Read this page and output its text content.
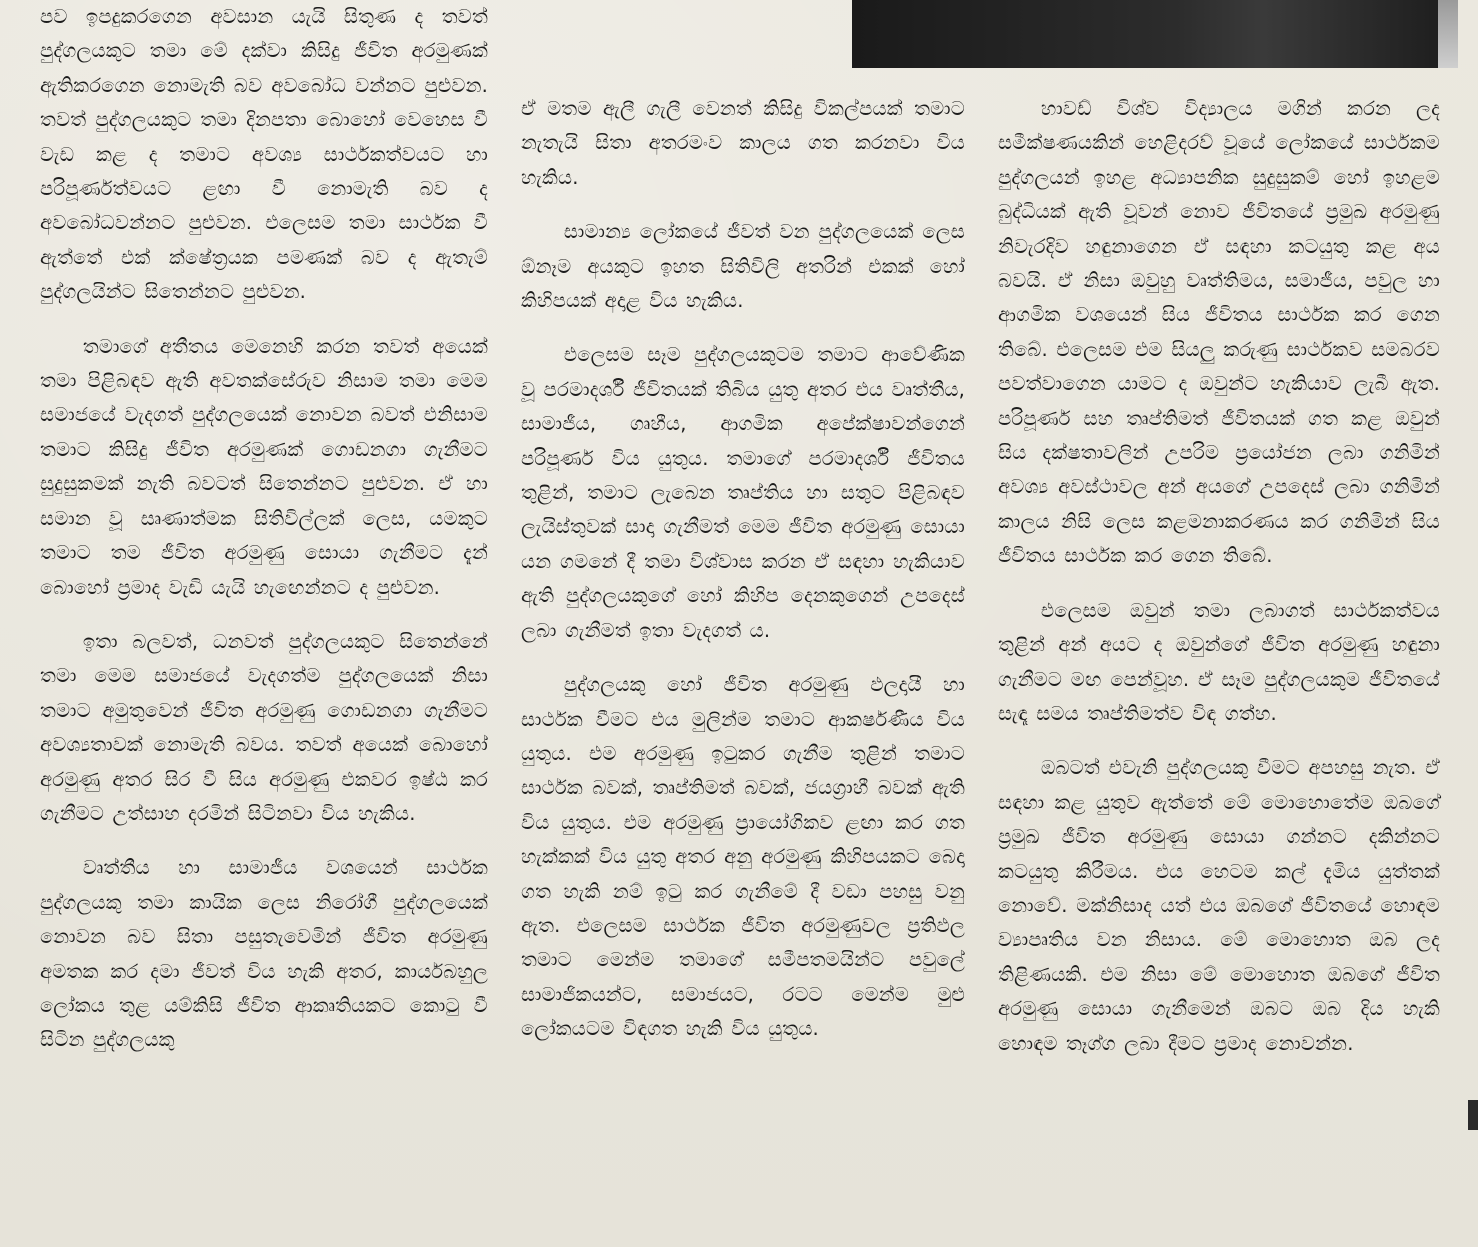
පව ඉපදුකරගෙන අවසාන යැයි සිතුණ ද තවත් පුද්ගලයකුට තමා මේ දක්වා කිසිදු ජීවිත අරමුණක් ඇතිකරගෙන නොමැති බව අවබෝධ වන්නට පුළුවන. තවත් පුද්ගලයකුට තමා දිනපතා බොහෝ වෙහෙස වී වැඩ කළ ද තමාට අවශ්‍ය සාර්ථකත්වයට හා පරිපූර්ණත්වයට ළඟා වී නොමැති බව ද අවබෝධවන්නට පුළුවන. එලෙසම තමා සාර්ථක වී ඇත්තේ එක් ක්ෂේත්‍රයක පමණක් බව ද ඇතැම් පුද්ගලයින්ට සිතෙන්නට පුළුවන.

තමාගේ අතීතය මෙනෙහි කරන තවත් අයෙක් තමා පිළිබඳව ඇති අවතක්සේරුව නිසාම තමා මෙම සමාජයේ වැදගත් පුද්ගලයෙක් නොවන බවත් එනිසාම තමාට කිසිදු ජීවිත අරමුණක් ගොඩනගා ගැනීමට සුදුසුකමක් නැති බවටත් සිතෙන්නට පුළුවන. ඒ හා සමාන වූ සෘණාත්මක සිතිවිල්ලක් ලෙස, යමකුට තමාට තම ජීවිත අරමුණු සොයා ගැනීමට දැන් බොහෝ ප්‍රමාද වැඩි යැයි හැඟෙන්නට ද පුළුවන.

ඉතා බලවත්, ධනවත් පුද්ගලයකුට සිතෙන්නේ තමා මෙම සමාජයේ වැදගත්ම පුද්ගලයෙක් නිසා තමාට අමුතුවෙන් ජීවිත අරමුණු ගොඩනගා ගැනීමට අවශ්‍යතාවක් නොමැති බවය. තවත් අයෙක් බොහෝ අරමුණු අතර සිර වී සිය අරමුණු එකවර ඉෂ්ඨ කර ගැනීමට උත්සාහ දරමින් සිටිනවා විය හැකිය.

වෘත්තීය හා සාමාජීය වශයෙන් සාර්ථක පුද්ගලයකු තමා කායික ලෙස නිරෝගී පුද්ගලයෙක් නොවන බව සිතා පසුතැවෙමින් ජීවිත අරමුණු අමතක කර දමා ජීවත් විය හැකි අතර, කාර්යබහුල ලෝකය තුළ යම්කිසි ජීවිත ආකෘතියකට කොටු වී සිටින පුද්ගලයකු

ඒ මතම ඇලී ගැලී වෙනත් කිසිදු විකල්පයක් තමාට නැතැයි සිතා අතරමංව කාලය ගත කරනවා විය හැකිය.

සාමාන්‍ය ලෝකයේ ජීවත් වන පුද්ගලයෙක් ලෙස ඕනෑම අයකුට ඉහත සිතිවිලි අතරින් එකක් හෝ කිහිපයක් අදාළ විය හැකිය.

එලෙසම සෑම පුද්ගලයකුටම තමාට ආවේණික වූ පරමාදර්ශී ජීවිතයක් තිබිය යුතු අතර එය වෘත්තීය, සාමාජීය, ගෘහීය, ආගමික අපේක්ෂාවන්ගෙන් පරිපූර්ණ විය යුතුය. තමාගේ පරමාදර්ශී ජීවිතය තුළින්, තමාට ලැබෙන තෘප්තිය හා සතුට පිළිබඳව ලැයිස්තුවක් සාදා ගැනීමත් මෙම ජීවිත අරමුණු සොයා යන ගමනේ දී තමා විශ්වාස කරන ඒ සඳහා හැකියාව ඇති පුද්ගලයකුගේ හෝ කිහිප දෙනකුගෙන් උපදෙස් ලබා ගැනීමත් ඉතා වැදගත් ය.

පුද්ගලයකු හෝ ජීවිත අරමුණු ඵලදායී හා සාර්ථක වීමට එය මුලින්ම තමාට ආකර්ෂණීය විය යුතුය. එම අරමුණු ඉටුකර ගැනීම තුළින් තමාට සාර්ථක බවක්, තෘප්තිමත් බවක්, ජයග්‍රාහී බවක් ඇති විය යුතුය. එම අරමුණු ප්‍රායෝගිකව ළඟා කර ගත හැක්කක් විය යුතු අතර අනු අරමුණු කිහිපයකට බෙදා ගත හැකි නම් ඉටු කර ගැනීමේ දී වඩා පහසු වනු ඇත. එලෙසම සාර්ථක ජීවිත අරමුණුවල ප්‍රතිඵල තමාට මෙන්ම තමාගේ සමීපතමයින්ට පවුලේ සාමාජිකයන්ට, සමාජයට, රටට මෙන්ම මුළු ලෝකයටම විඳගත හැකි විය යුතුය.

හාවඩ් විශ්ව විද්‍යාලය මගින් කරන ලද සමීක්ෂණයකින් හෙළිදරව් වූයේ ලෝකයේ සාර්ථකම පුද්ගලයන් ඉහළ අධ්‍යාපනික සුදුසුකම් හෝ ඉහළම බුද්ධියක් ඇති වූවන් නොව ජීවිතයේ ප්‍රමුඛ අරමුණු නිවැරදිව හඳුනාගෙන ඒ සඳහා කටයුතු කළ අය බවයි. ඒ නිසා ඔවුහු වෘත්තිමය, සමාජීය, පවුල හා ආගමික වශයෙන් සිය ජීවිතය සාර්ථක කර ගෙන තිබේ. එලෙසම එම සියලු කරුණු සාර්ථකව සමබරව පවත්වාගෙන යාමට ද ඔවුන්ට හැකියාව ලැබී ඇත. පරිපූර්ණ සහ තෘප්තිමත් ජීවිතයක් ගත කළ ඔවුන් සිය දක්ෂතාවලින් උපරිම ප්‍රයෝජන ලබා ගනිමින් අවශ්‍ය අවස්ථාවල අන් අයගේ උපදෙස් ලබා ගනිමින් කාලය නිසි ලෙස කළමනාකරණය කර ගනිමින් සිය ජීවිතය සාර්ථක කර ගෙන තිබේ.

එලෙසම ඔවුන් තමා ලබාගත් සාර්ථකත්වය තුළින් අන් අයට ද ඔවුන්ගේ ජීවිත අරමුණු හඳුනා ගැනීමට මඟ පෙන්වූහ. ඒ සෑම පුද්ගලයකුම ජීවිතයේ සැඳෑ සමය තෘප්තිමත්ව විඳ ගත්හ.

ඔබටත් එවැනි පුද්ගලයකු වීමට අපහසු නැත. ඒ සඳහා කළ යුතුව ඇත්තේ මේ මොහොතේම ඔබගේ ප්‍රමුඛ ජීවිත අරමුණු සොයා ගන්නට දකින්නට කටයුතු කිරීමය. එය හෙටම කල් දැමිය යුත්තක් නොවේ. මක්නිසාද යත් එය ඔබගේ ජීවිතයේ හොඳම ව්‍යාපෘතිය වන නිසාය. මේ මොහොත ඔබ ලද තිළිණයකි. එම නිසා මේ මොහොත ඔබගේ ජීවිත අරමුණු සොයා ගැනීමෙන් ඔබට ඔබ දිය හැකි හොඳම තෑග්ග ලබා දීමට ප්‍රමාද නොවන්න.
